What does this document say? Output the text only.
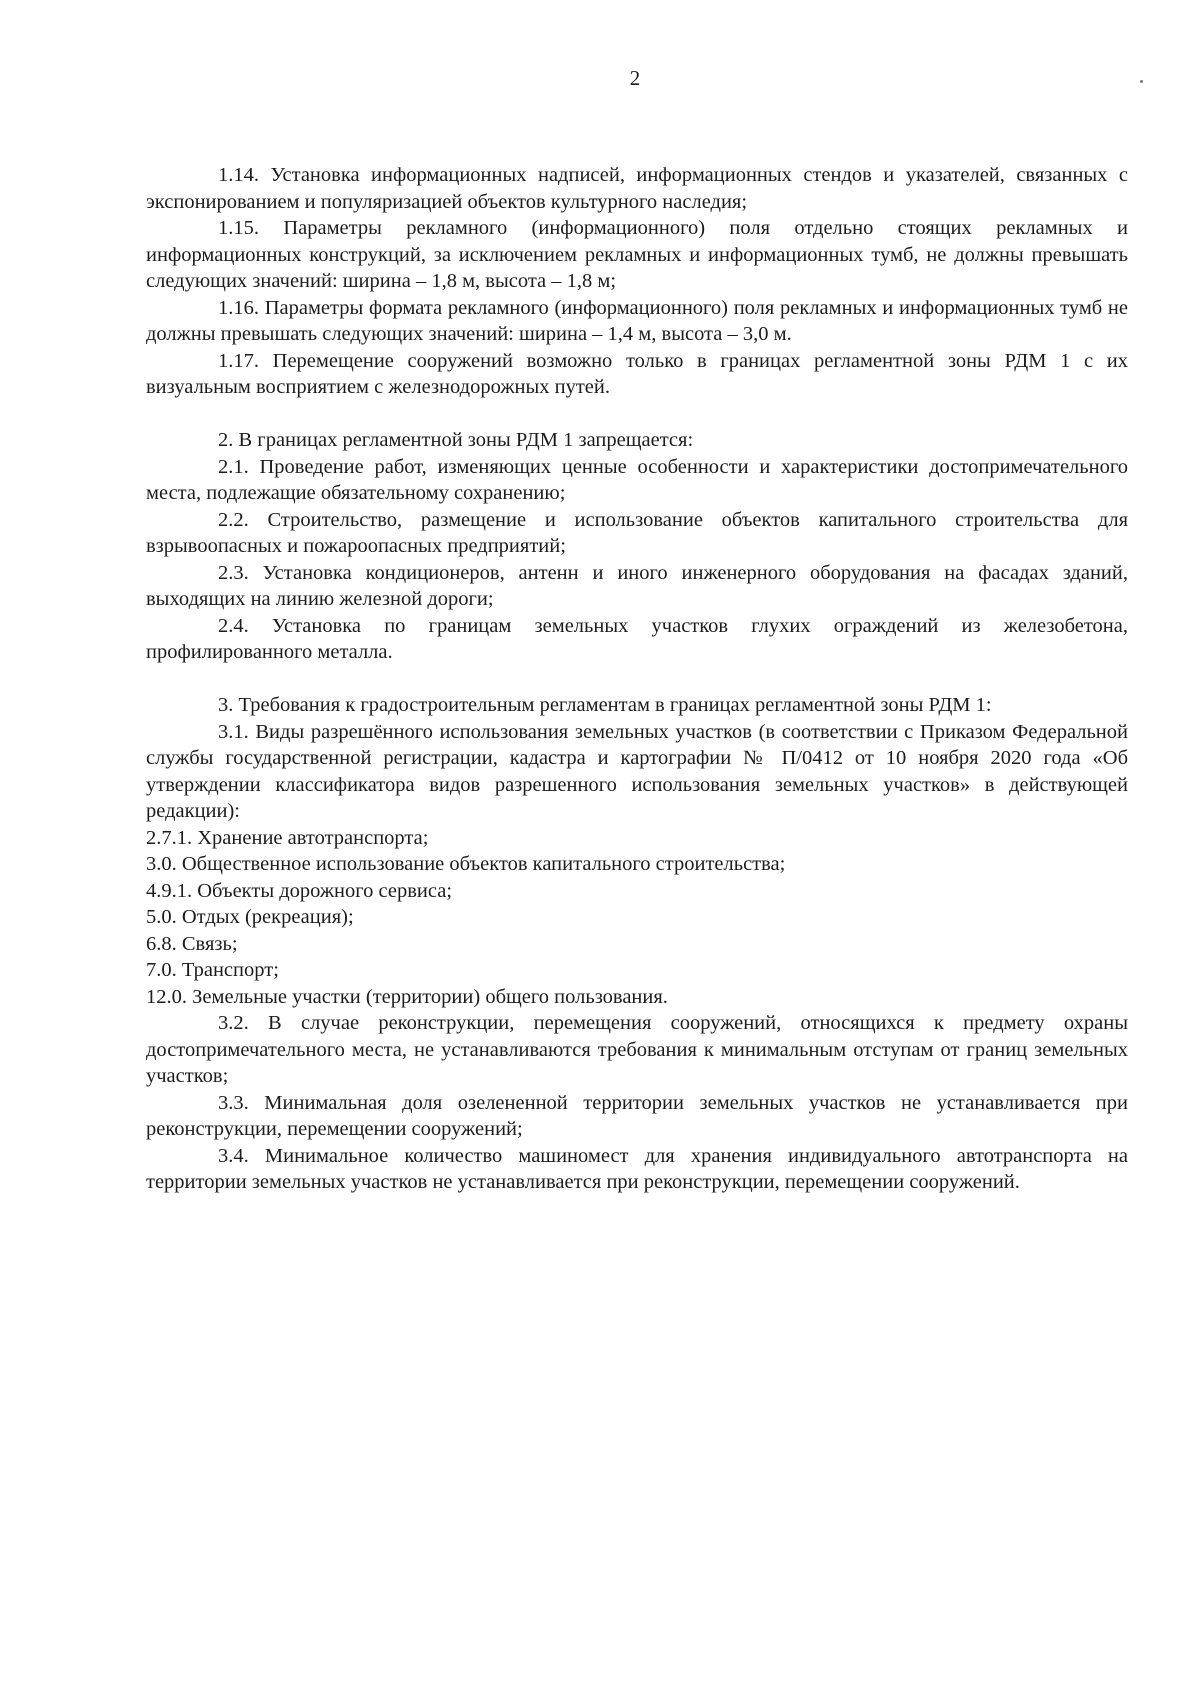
2

1.14. Установка информационных надписей, информационных стендов и указателей, связанных с экспонированием и популяризацией объектов культурного наследия;

1.15. Параметры рекламного (информационного) поля отдельно стоящих рекламных и информационных конструкций, за исключением рекламных и информационных тумб, не должны превышать следующих значений: ширина – 1,8 м, высота – 1,8 м;

1.16. Параметры формата рекламного (информационного) поля рекламных и информационных тумб не должны превышать следующих значений: ширина – 1,4 м, высота – 3,0 м.

1.17. Перемещение сооружений возможно только в границах регламентной зоны РДМ 1 с их визуальным восприятием с железнодорожных путей.

2. В границах регламентной зоны РДМ 1 запрещается:

2.1. Проведение работ, изменяющих ценные особенности и характеристики достопримечательного места, подлежащие обязательному сохранению;

2.2. Строительство, размещение и использование объектов капитального строительства для взрывоопасных и пожароопасных предприятий;

2.3. Установка кондиционеров, антенн и иного инженерного оборудования на фасадах зданий, выходящих на линию железной дороги;

2.4. Установка по границам земельных участков глухих ограждений из железобетона, профилированного металла.

3. Требования к градостроительным регламентам в границах регламентной зоны РДМ 1:

3.1. Виды разрешённого использования земельных участков (в соответствии с Приказом Федеральной службы государственной регистрации, кадастра и картографии № П/0412 от 10 ноября 2020 года «Об утверждении классификатора видов разрешенного использования земельных участков» в действующей редакции):

2.7.1. Хранение автотранспорта;

3.0. Общественное использование объектов капитального строительства;

4.9.1. Объекты дорожного сервиса;

5.0. Отдых (рекреация);

6.8. Связь;

7.0. Транспорт;

12.0. Земельные участки (территории) общего пользования.

3.2. В случае реконструкции, перемещения сооружений, относящихся к предмету охраны достопримечательного места, не устанавливаются требования к минимальным отступам от границ земельных участков;

3.3. Минимальная доля озелененной территории земельных участков не устанавливается при реконструкции, перемещении сооружений;

3.4. Минимальное количество машиномест для хранения индивидуального автотранспорта на территории земельных участков не устанавливается при реконструкции, перемещении сооружений.
